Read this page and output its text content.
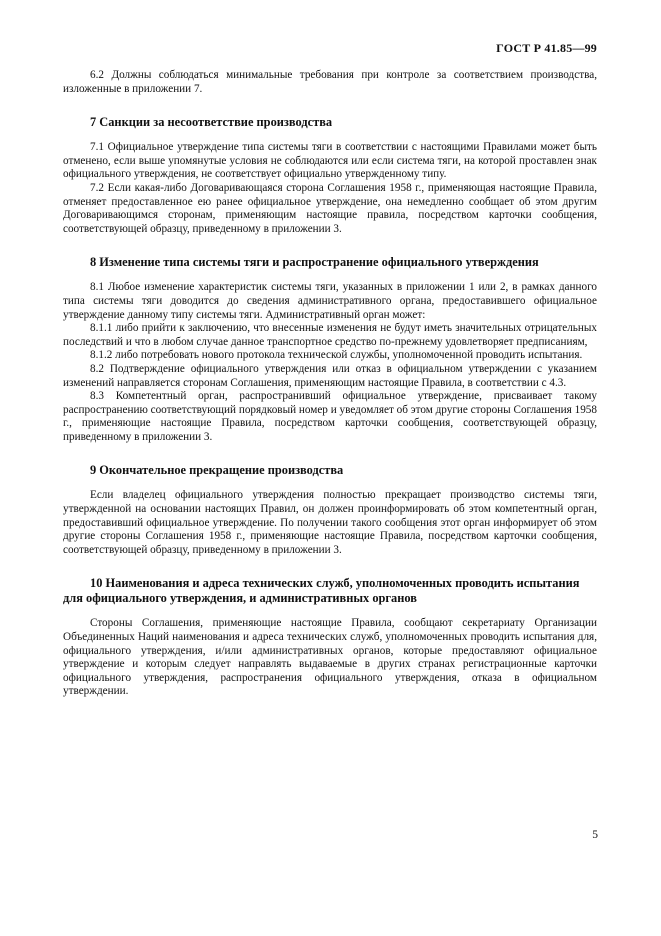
ГОСТ Р 41.85—99

6.2 Должны соблюдаться минимальные требования при контроле за соответствием производства, изложенные в приложении 7.

7 Санкции за несоответствие производства

7.1 Официальное утверждение типа системы тяги в соответствии с настоящими Правилами может быть отменено, если выше упомянутые условия не соблюдаются или если система тяги, на которой проставлен знак официального утверждения, не соответствует официально утвержденному типу.

7.2 Если какая-либо Договаривающаяся сторона Соглашения 1958 г., применяющая настоящие Правила, отменяет предоставленное ею ранее официальное утверждение, она немедленно сообщает об этом другим Договаривающимся сторонам, применяющим настоящие правила, посредством карточки сообщения, соответствующей образцу, приведенному в приложении 3.

8 Изменение типа системы тяги и распространение официального утверждения

8.1 Любое изменение характеристик системы тяги, указанных в приложении 1 или 2, в рамках данного типа системы тяги доводится до сведения административного органа, предоставившего официальное утверждение данному типу системы тяги. Административный орган может:

8.1.1 либо прийти к заключению, что внесенные изменения не будут иметь значительных отрицательных последствий и что в любом случае данное транспортное средство по-прежнему удовлетворяет предписаниям,

8.1.2 либо потребовать нового протокола технической службы, уполномоченной проводить испытания.

8.2 Подтверждение официального утверждения или отказ в официальном утверждении с указанием изменений направляется сторонам Соглашения, применяющим настоящие Правила, в соответствии с 4.3.

8.3 Компетентный орган, распространивший официальное утверждение, присваивает такому распространению соответствующий порядковый номер и уведомляет об этом другие стороны Соглашения 1958 г., применяющие настоящие Правила, посредством карточки сообщения, соответствующей образцу, приведенному в приложении 3.

9 Окончательное прекращение производства

Если владелец официального утверждения полностью прекращает производство системы тяги, утвержденной на основании настоящих Правил, он должен проинформировать об этом компетентный орган, предоставивший официальное утверждение. По получении такого сообщения этот орган информирует об этом другие стороны Соглашения 1958 г., применяющие настоящие Правила, посредством карточки сообщения, соответствующей образцу, приведенному в приложении 3.

10 Наименования и адреса технических служб, уполномоченных проводить испытания для официального утверждения, и административных органов

Стороны Соглашения, применяющие настоящие Правила, сообщают секретариату Организации Объединенных Наций наименования и адреса технических служб, уполномоченных проводить испытания для, официального утверждения, и/или административных органов, которые предоставляют официальное утверждение и которым следует направлять выдаваемые в других странах регистрационные карточки официального утверждения, распространения официального утверждения, отказа в официальном утверждении.

5
